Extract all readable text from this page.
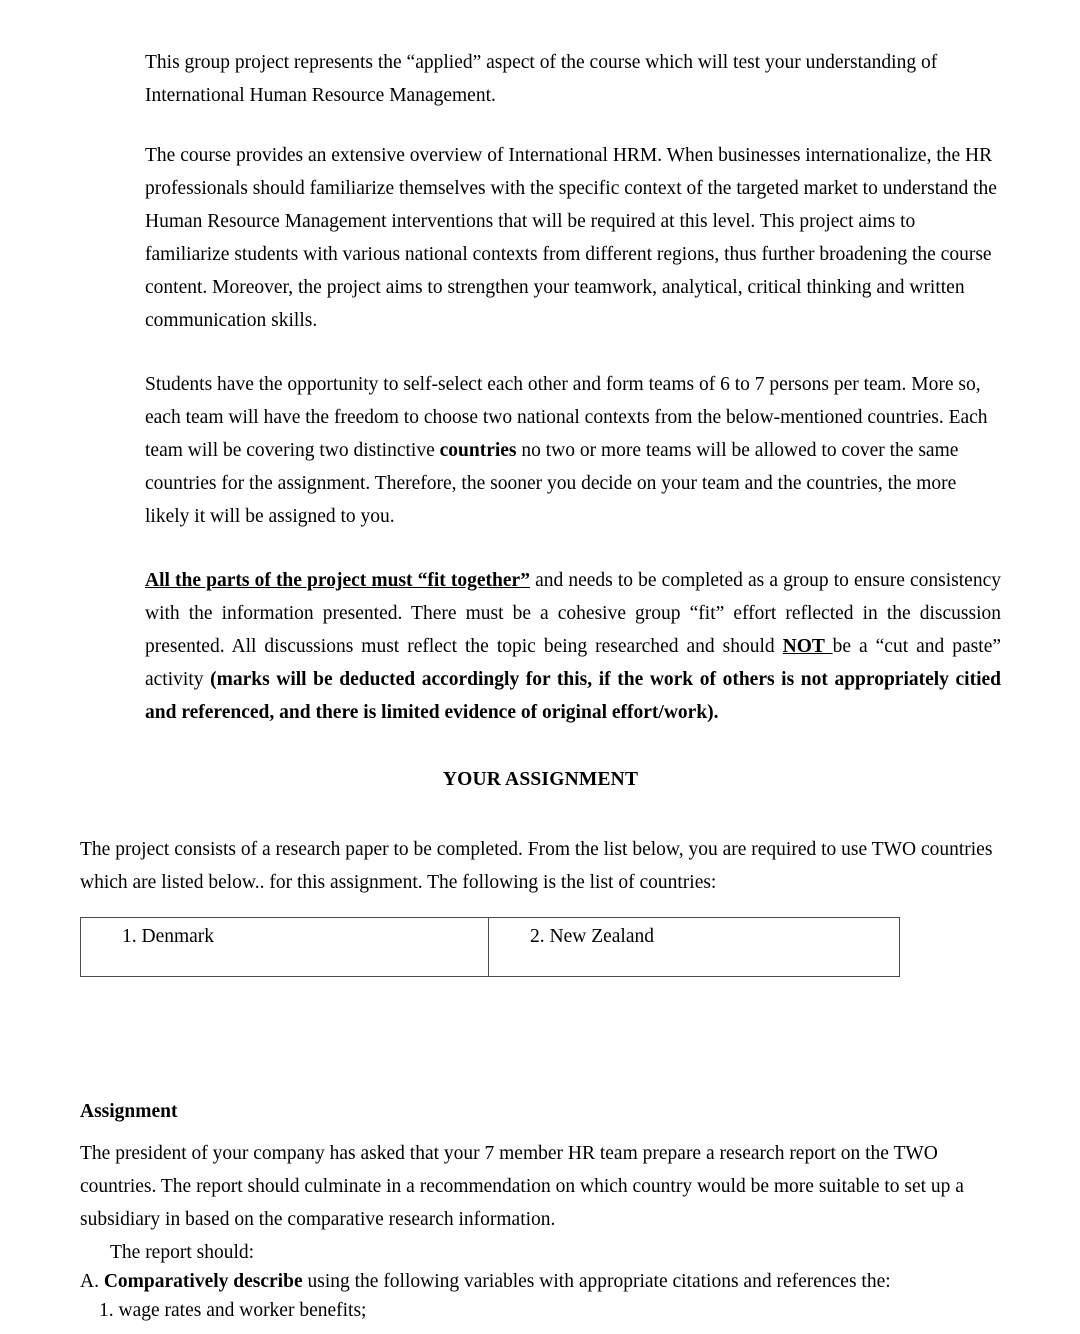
This group project represents the “applied” aspect of the course which will test your understanding of International Human Resource Management.
The course provides an extensive overview of International HRM. When businesses internationalize, the HR professionals should familiarize themselves with the specific context of the targeted market to understand the Human Resource Management interventions that will be required at this level. This project aims to familiarize students with various national contexts from different regions, thus further broadening the course content. Moreover, the project aims to strengthen your teamwork, analytical, critical thinking and written communication skills.
Students have the opportunity to self-select each other and form teams of 6 to 7 persons per team. More so, each team will have the freedom to choose two national contexts from the below-mentioned countries. Each team will be covering two distinctive countries no two or more teams will be allowed to cover the same countries for the assignment. Therefore, the sooner you decide on your team and the countries, the more likely it will be assigned to you.
All the parts of the project must “fit together” and needs to be completed as a group to ensure consistency with the information presented. There must be a cohesive group “fit” effort reflected in the discussion presented. All discussions must reflect the topic being researched and should NOT be a “cut and paste” activity (marks will be deducted accordingly for this, if the work of others is not appropriately citied and referenced, and there is limited evidence of original effort/work).
YOUR ASSIGNMENT
The project consists of a research paper to be completed. From the list below, you are required to use TWO countries which are listed below.. for this assignment. The following is the list of countries:
1. Denmark	2. New Zealand
Assignment
The president of your company has asked that your 7 member HR team prepare a research report on the TWO countries. The report should culminate in a recommendation on which country would be more suitable to set up a subsidiary in based on the comparative research information.
The report should:
A. Comparatively describe using the following variables with appropriate citations and references the:
1. wage rates and worker benefits;
